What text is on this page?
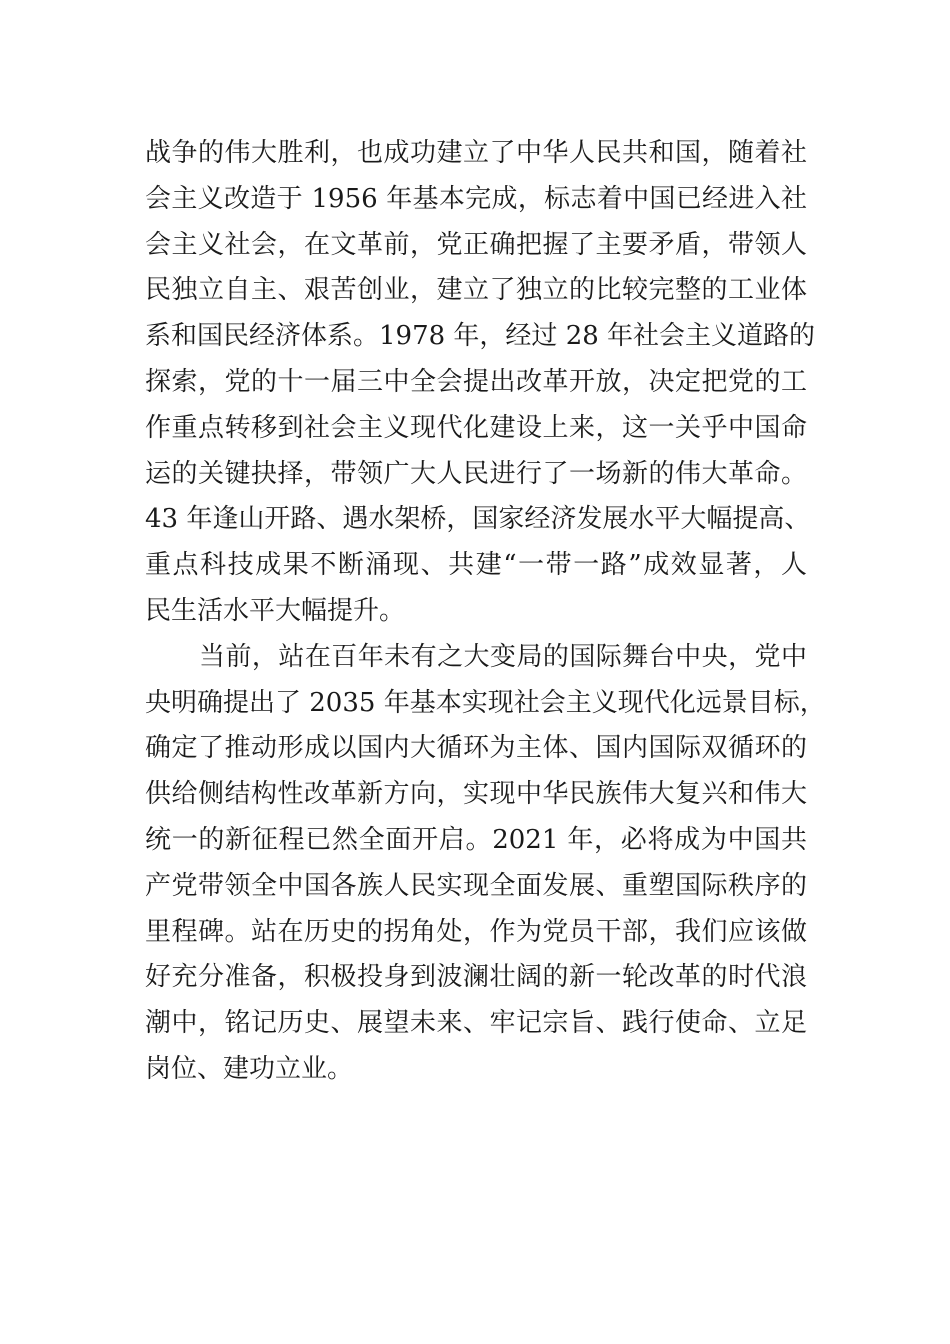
战争的伟大胜利，也成功建立了中华人民共和国，随着社
会主义改造于 1956 年基本完成，标志着中国已经进入社
会主义社会，在文革前，党正确把握了主要矛盾，带领人
民独立自主、艰苦创业，建立了独立的比较完整的工业体
系和国民经济体系。1978 年，经过 28 年社会主义道路的
探索，党的十一届三中全会提出改革开放，决定把党的工
作重点转移到社会主义现代化建设上来，这一关乎中国命
运的关键抉择，带领广大人民进行了一场新的伟大革命。
43 年逢山开路、遇水架桥，国家经济发展水平大幅提高、
重点科技成果不断涌现、共建“一带一路”成效显著，人
民生活水平大幅提升。
当前，站在百年未有之大变局的国际舞台中央，党中
央明确提出了 2035 年基本实现社会主义现代化远景目标，
确定了推动形成以国内大循环为主体、国内国际双循环的
供给侧结构性改革新方向，实现中华民族伟大复兴和伟大
统一的新征程已然全面开启。2021 年，必将成为中国共
产党带领全中国各族人民实现全面发展、重塑国际秩序的
里程碑。站在历史的拐角处，作为党员干部，我们应该做
好充分准备，积极投身到波澜壮阔的新一轮改革的时代浪
潮中，铭记历史、展望未来、牢记宗旨、践行使命、立足
岗位、建功立业。
